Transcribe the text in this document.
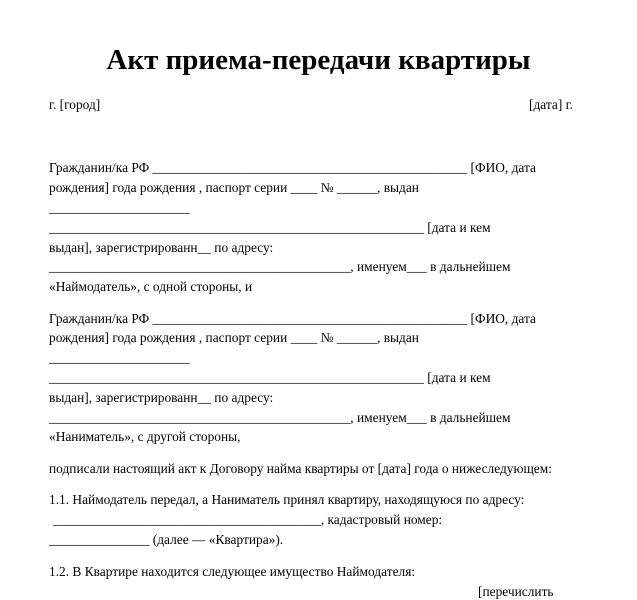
Акт приема-передачи квартиры
г. [город]	[дата] г.
Гражданин/ка РФ _______________________________________________ [ФИО, дата
рождения] года рождения , паспорт серии ____ № ______, выдан
_____________________
________________________________________________________ [дата и кем
выдан], зарегистрированн__ по адресу:
_____________________________________________, именуем___ в дальнейшем
«Наймодатель», с одной стороны, и
Гражданин/ка РФ _______________________________________________ [ФИО, дата
рождения] года рождения , паспорт серии ____ № ______, выдан
_____________________
________________________________________________________ [дата и кем
выдан], зарегистрированн__ по адресу:
_____________________________________________, именуем___ в дальнейшем
«Наниматель», с другой стороны,
подписали настоящий акт к Договору найма квартиры от [дата] года о нижеследующем:
1.1. Наймодатель передал, а Наниматель принял квартиру, находящуюся по адресу:
________________________________________, кадастровый номер:
_______________ (далее — «Квартира»).
1.2. В Квартире находится следующее имущество Наймодателя:
[перечислить
